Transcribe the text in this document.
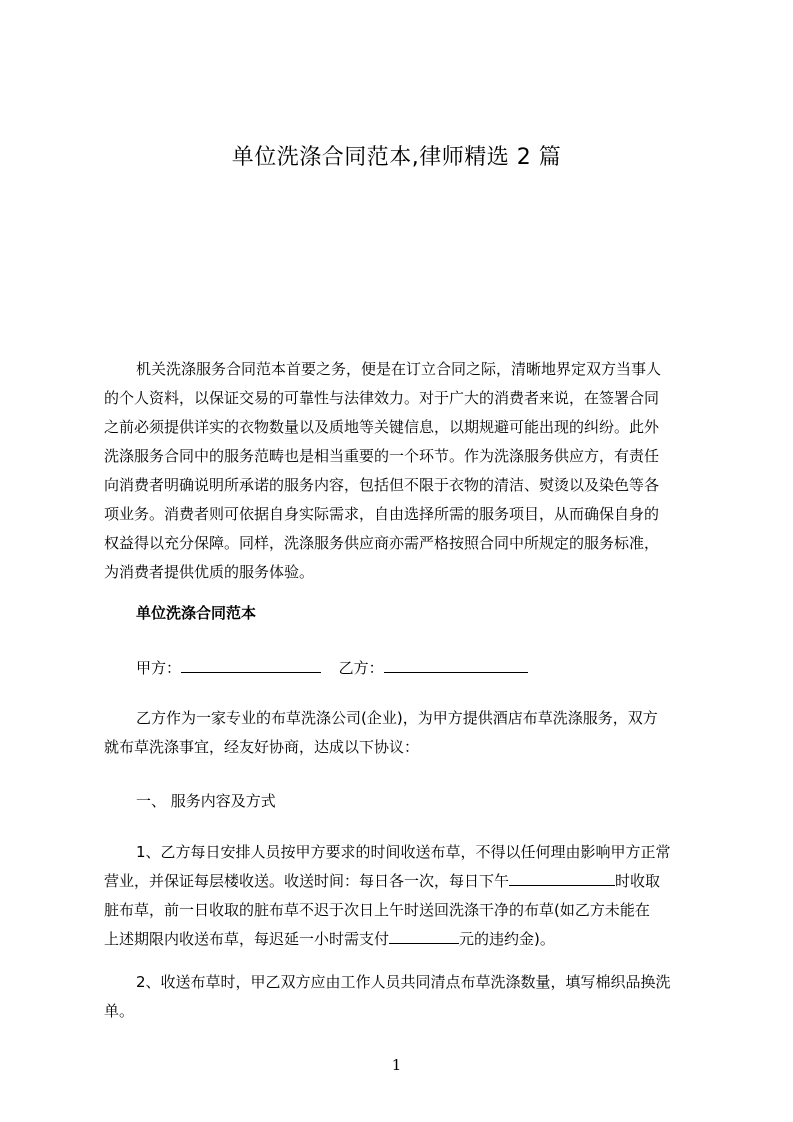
单位洗涤合同范本,律师精选 2 篇
机关洗涤服务合同范本首要之务，便是在订立合同之际，清晰地界定双方当事人
的个人资料，以保证交易的可靠性与法律效力。对于广大的消费者来说，在签署合同
之前必须提供详实的衣物数量以及质地等关键信息，以期规避可能出现的纠纷。此外
洗涤服务合同中的服务范畴也是相当重要的一个环节。作为洗涤服务供应方，有责任
向消费者明确说明所承诺的服务内容，包括但不限于衣物的清洁、熨烫以及染色等各
项业务。消费者则可依据自身实际需求，自由选择所需的服务项目，从而确保自身的
权益得以充分保障。同样，洗涤服务供应商亦需严格按照合同中所规定的服务标准，
为消费者提供优质的服务体验。
单位洗涤合同范本
甲方：	乙方：
乙方作为一家专业的布草洗涤公司(企业)，为甲方提供酒店布草洗涤服务，双方
就布草洗涤事宜，经友好协商，达成以下协议：
一、 服务内容及方式
1、乙方每日安排人员按甲方要求的时间收送布草，不得以任何理由影响甲方正常
营业，并保证每层楼收送。收送时间：每日各一次，每日下午	时收取
脏布草，前一日收取的脏布草不迟于次日上午时送回洗涤干净的布草(如乙方未能在
上述期限内收送布草，每迟延一小时需支付	元的违约金)。
2、收送布草时，甲乙双方应由工作人员共同清点布草洗涤数量，填写棉织品换洗
单。
1
